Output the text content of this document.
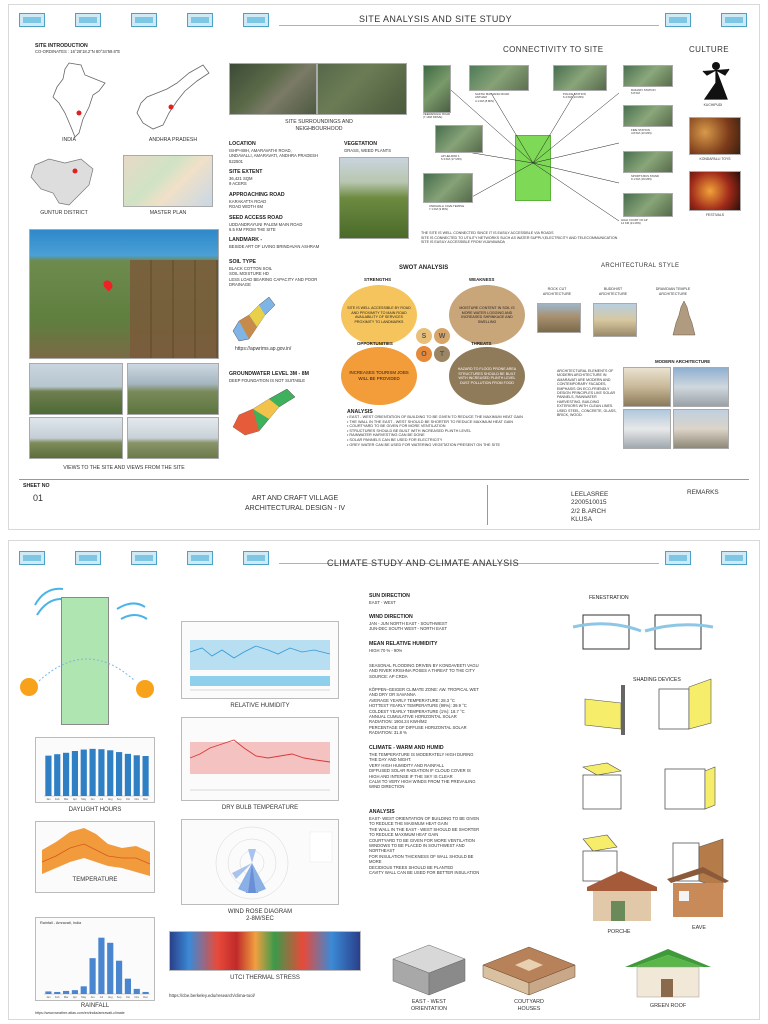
SITE ANALYSIS AND SITE STUDY
SITE INTRODUCTION
CO-ORDINATES : 16°28'18.2"N 80°34'59.8"E
INDIA	ANDHRA PRADESH
GUNTUR DISTRICT	MASTER PLAN
VIEWS TO THE SITE AND VIEWS FROM THE SITE
SITE SURROUNDINGS AND
NEIGHBOURHOOD
LOCATION
ISHP+88H, AMARAVATHI ROAD,
UNDAVALLI, AMARAVATI, ANDHRA PRADESH
522501
SITE EXTENT
36,421 SQM
9 ACERS
APPROACHING ROAD
KARAKATTA ROAD
ROAD WIDTH 6M
SEED ACCESS ROAD
UDDANDRAYUNI PALEM MAIN ROAD
6.5 KM FROM THE SITE
LANDMARK -
BESIDE ART OF LIVING BRINDAVAN ASHRAM
VEGETATION
GRASS, WEED PLANTS
SOIL TYPE
BLACK COTTON SOIL
SOIL MOISTURE HD
LESS LOAD BEARING CAPACITY AND POOR
DRAINAGE
https://apwrims.ap.gov.in/
GROUNDWATER LEVEL 3M - 8M
DEEP FOUNDATION IS NOT SUITABLE
CONNECTIVITY TO SITE
VEERAPAGILI ROAD
(7.1KM DRIVE)
SAKTHI MATHANGI ROAD
ANTHAM
4.1 KM (8 MIN)
POLICE STATION
6.4 KM (13 MIN)
RAILWAY STATION
6.8 KM
AP HELIPAD 1
6.3 KM (17 MIN)
FIRE STATION
4.8 KM (10 MIN)
SPORTS BUS STAND
9.1 KM (19 MIN)
UNDAVALLI CAVE TEMPLE
7.1 KM (9 MIN)
HIGH COURT OF AP
14 KM (21 MIN)
THE SITE IS WELL CONNECTED SINCE IT IS EASILY ACCESSIBLE VIA ROADS
SITE IS CONNECTED TO UTILITY NETWORKS SUCH AS WATER SUPPLY,ELECTRICITY AND TELECOMMUNICATION
SITE IS EASILY ACCESSIBLE FROM VIJAYAWADA
CULTURE
KUCHIPUDI
KONDAPALLI TOYS
FESTIVALS
SWOT ANALYSIS
STRENGTHS	WEAKNESS
SITE IS WELL ACCESSIBLE BY ROAD AND PROXIMITY TO MAIN ROAD AVAILABILITY OF SERVICES PROXIMITY TO LANDMARKS
MOISTURE CONTENT IN SOIL IS MORE WATER LOGGING AND INCREASED SHRINKAGE AND SWELLING
OPPORTUNITIES	THREATS
INCREASES TOURISM JOBS WILL BE PROVIDED
HAZARD TO FLOOD PRONE AREA STRUCTURES SHOULD BE BUILT WITH INCREASED PLINTH LEVEL DUST POLLUTION FROM FOOD
S	W
O	T
ANALYSIS
• EAST - WEST ORIENTATION OF BUILDING TO BE GIVEN TO REDUCE THE MAXIMUM HEAT GAIN
• THE WALL IN THE EAST - WEST SHOULD BE SHORTER TO REDUCE MAXIMUM HEAT GAIN
• COURTYARD TO BE GIVEN FOR MORE VENTILATION
• STRUCTURES SHOULD BE BUILT WITH INCREASED PLINTH LEVEL
• RAINWATER HARVESTING CAN BE DONE
• SOLAR PANNELS CAN BE USED FOR ELECTRICITY
• GREY WATER CAN BE USED FOR WATERING VEGETATION PRESENT ON THE SITE
ARCHITECTURAL STYLE
ROCK CUT
ARCHITECTURE
BUDDHIST
ARCHITECTURE
DRAVIDIAN TEMPLE
ARCHITECTURE
MODERN ARCHITECTURE
ARCHITECTURAL ELEMENTS OF MODERN ARCHITECTURE IN AMARAVATI ARE MODERN AND CONTEMPORARY FACADES, EMPHASIS ON ECO-FRIENDLY DESIGN PRINCIPLES LIKE SOLAR PANNELS, RAINWATER HARVESTING, BUILDING EXTERIORS WITH CLEAN LINES. USED STEEL, CONCRETE, GLASS, BRICK, WOOD.
SHEET NO
01	ART AND CRAFT VILLAGE
ARCHITECTURAL DESIGN - IV
LEELASREE
2200510015
2/2 B.ARCH
KLUSA
REMARKS
CLIMATE STUDY AND CLIMATE ANALYSIS
RELATIVE HUMIDITY
DRY BULB TEMPERATURE
Jan Feb Mar Apr May Jun Jul Aug Sep Oct Nov Dec
DAYLIGHT HOURS
TEMPERATURE
Rainfall - Amravati, India
Jan Feb Mar Apr May Jun Jul Aug Sep Oct Nov Dec
RAINFALL
https://www.weather-atlas.com/en/india/amravati-climate
WIND ROSE DIAGRAM
2-8M/SEC
UTCI THERMAL STRESS
https://cbe.berkeley.edu/research/clima-tool/
SUN DIRECTION
EAST - WEST
WIND DIRECTION
JAN - JUN NORTH EAST - SOUTHWEST
JUN-DEC SOUTH WEST - NORTH EAST
MEAN RELATIVE HUMIDITY
HIGH 70 % - 90%
SEASONAL FLOODING DRIVEN BY KONDAVEETI VAGU
AND RIVER KRISHNA POSES A THREAT TO THE CITY
SOURCE: AP CRDA
KÖPPEN–GEIGER CLIMATE ZONE: AW. TROPICAL WET
AND DRY OR SAVANNA
AVERAGE YEARLY TEMPERATURE: 28.3 °C
HOTTEST YEARLY TEMPERATURE (99%): 39.9 °C
COLDEST YEARLY TEMPERATURE (1%): 18.7 °C
ANNUAL CUMULATIVE HORIZONTAL SOLAR
RADIATION: 1904.24 KWH/M2
PERCENTAGE OF DIFFUSE HORIZONTAL SOLAR
RADIATION: 31.8 %
CLIMATE - WARM AND HUMID
THE TEMPERATURE IS MODERATELY HIGH DURING
THE DAY AND NIGHT.
VERY HIGH HUMIDITY AND RAINFALL
DIFFUSED SOLAR RADIATION IF CLOUD COVER IS
HIGH AND INTENSE IF THE SKY IS CLEAR
CALM TO VERY HIGH WINDS FROM THE PREVAILING
WIND DIRECTION
ANALYSIS
EAST- WEST ORIENTATION OF BUILDING TO BE GIVEN
TO REDUCE THE MAXIMUM HEAT GAIN
THE WALL IN THE EAST - WEST SHOULD BE SHORTER
TO REDUCE MAXIMUM HEAT GAIN
COURTYARD TO BE GIVEN FOR MORE VENTILATION
WINDOWS TO BE PLACED IN SOUTHWEST AND
NORTHEAST
FOR INSULATION THICKNESS OF WALL SHOULD BE
MORE
DECIDIOUS TREES SHOULD BE PLANTED
CAVITY WALL CAN BE USED FOR BETTER INSULATION
FENESTRATION
SHADING DEVICES
PORCHE
EAVE
EAST - WEST
ORIENTATION
COUTYARD
HOUSES	GREEN ROOF
